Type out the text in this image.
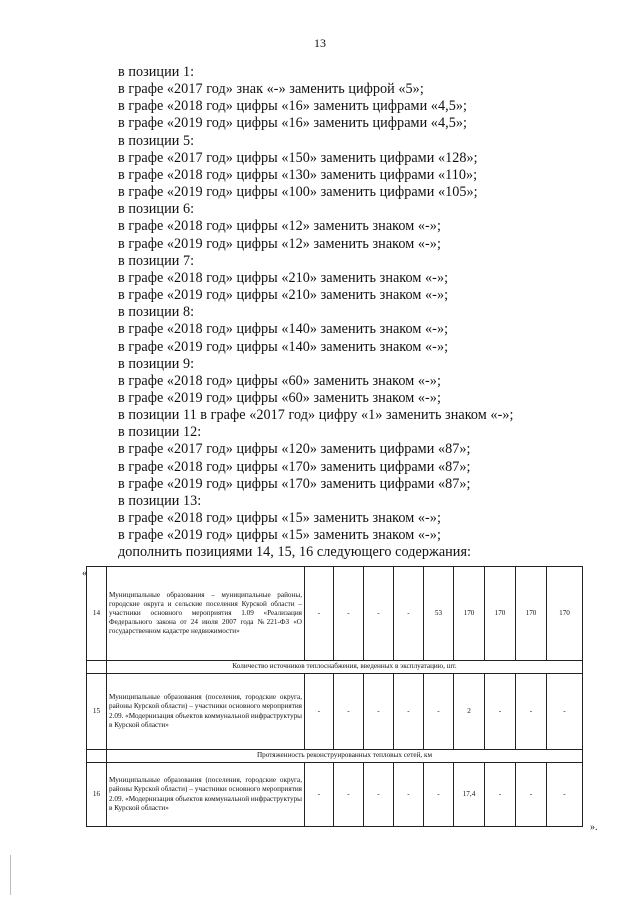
13
в позиции 1:
в графе «2017 год» знак «-» заменить цифрой «5»;
в графе «2018 год» цифры «16» заменить цифрами «4,5»;
в графе «2019 год» цифры «16» заменить цифрами «4,5»;
в позиции 5:
в графе «2017 год» цифры «150» заменить цифрами «128»;
в графе «2018 год» цифры «130» заменить цифрами «110»;
в графе «2019 год» цифры «100» заменить цифрами «105»;
в позиции 6:
в графе «2018 год» цифры «12» заменить знаком «-»;
в графе «2019 год» цифры «12» заменить знаком «-»;
в позиции 7:
в графе «2018 год» цифры «210» заменить знаком «-»;
в графе «2019 год» цифры «210» заменить знаком «-»;
в позиции 8:
в графе «2018 год» цифры «140» заменить знаком «-»;
в графе «2019 год» цифры «140» заменить знаком «-»;
в позиции 9:
в графе «2018 год» цифры «60» заменить знаком «-»;
в графе «2019 год» цифры «60» заменить знаком «-»;
в позиции 11 в графе «2017 год» цифру «1» заменить знаком «-»;
в позиции 12:
в графе «2017 год» цифры «120» заменить цифрами «87»;
в графе «2018 год» цифры «170» заменить цифрами «87»;
в графе «2019 год» цифры «170» заменить цифрами «87»;
в позиции 13:
в графе «2018 год» цифры «15» заменить знаком «-»;
в графе «2019 год» цифры «15» заменить знаком «-»;
дополнить позициями 14, 15, 16 следующего содержания:
«
14	Муниципальные образования – муниципальные районы, городские округа и сельские поселения Курской области – участники основного мероприятия 1.09 «Реализация Федерального закона от 24 июля 2007 года №221-ФЗ «О государственном кадастре недвижимости»	-	-	-	-	53	170	170	170	170
	Количество источников теплоснабжения, введенных в эксплуатацию, шт.									
15	Муниципальные образования (поселения, городские округа, районы Курской области) – участники основного мероприятия 2.09. «Модернизация объектов коммунальной инфраструктуры в Курской области»	-	-	-	-	-	2	-	-	-
	Протяженность реконструированных тепловых сетей, км									
16	Муниципальные образования (поселения, городские округа, районы Курской области) – участники основного мероприятия 2.09. «Модернизация объектов коммунальной инфраструктуры в Курской области»	-	-	-	-	-	17,4	-	-	-
».
